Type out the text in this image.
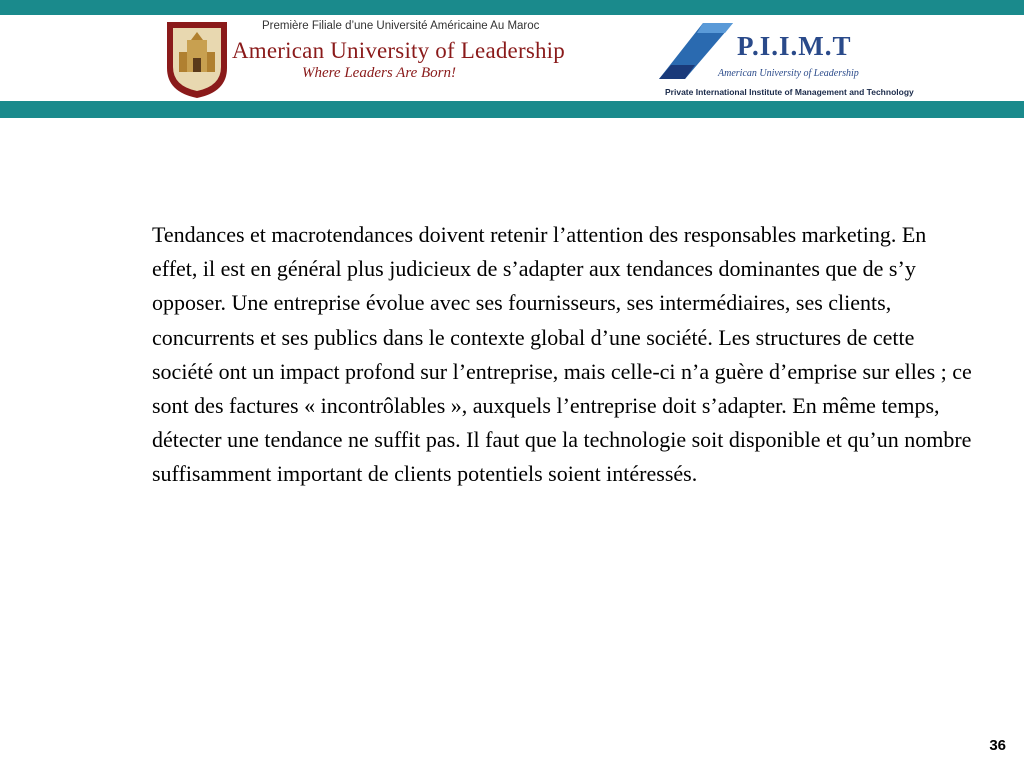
Première Filiale d’une Université Américaine Au Maroc
American University of Leadership
Where Leaders Are Born!
P.I.I.M.T
American University of Leadership
Private International Institute of Management and Technology

Tendances et macrotendances doivent retenir l’attention des responsables marketing. En effet, il est en général plus judicieux de s’adapter aux tendances dominantes que de s’y opposer. Une entreprise évolue avec ses fournisseurs, ses intermédiaires, ses clients, concurrents et ses publics dans le contexte global d’une société. Les structures de cette société ont un impact profond sur l’entreprise, mais celle-ci n’a guère d’emprise sur elles ; ce sont des factures « incontrôlables », auxquels l’entreprise doit s’adapter. En même temps, détecter une tendance ne suffit pas. Il faut que la technologie soit disponible et qu’un nombre suffisamment important de clients potentiels soient intéressés.

36
